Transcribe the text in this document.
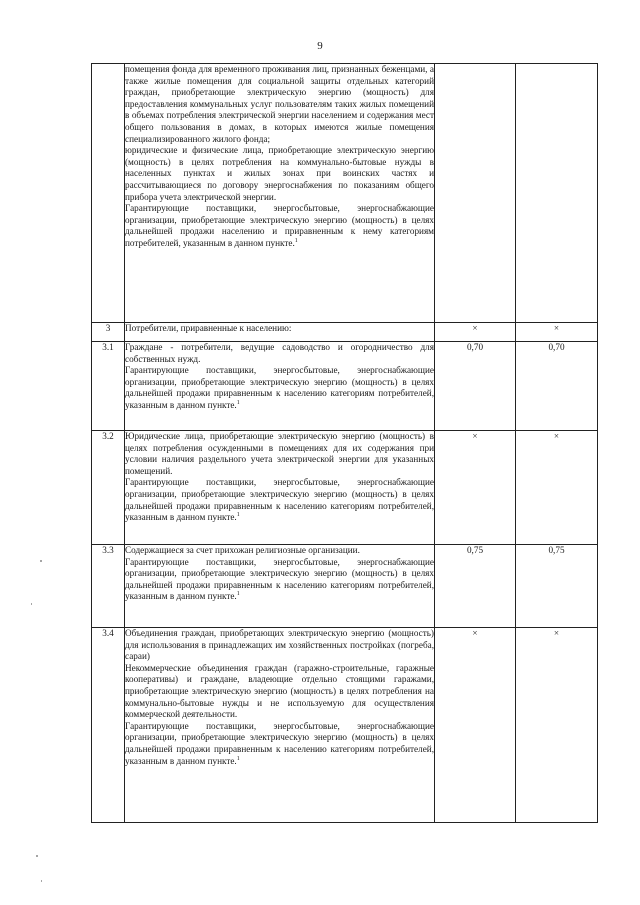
9

	помещения фонда для временного проживания лиц, признанных беженцами, а также жилые помещения для социальной защиты отдельных категорий граждан, приобретающие электрическую энергию (мощность) для предоставления коммунальных услуг пользователям таких жилых помещений в объемах потребления электрической энергии населением и содержания мест общего пользования в домах, в которых имеются жилые помещения специализированного жилого фонда;
юридические и физические лица, приобретающие электрическую энергию (мощность) в целях потребления на коммунально-бытовые нужды в населенных пунктах и жилых зонах при воинских частях и рассчитывающиеся по договору энергоснабжения по показаниям общего прибора учета электрической энергии.
Гарантирующие поставщики, энергосбытовые, энергоснабжающие организации, приобретающие электрическую энергию (мощность) в целях дальнейшей продажи населению и приравненным к нему категориям потребителей, указанным в данном пункте.$^1$

3	Потребители, приравненные к населению:	×	×
3.1	Граждане - потребители, ведущие садоводство и огородничество для собственных нужд.
Гарантирующие поставщики, энергосбытовые, энергоснабжающие организации, приобретающие электрическую энергию (мощность) в целях дальнейшей продажи приравненным к населению категориям потребителей, указанным в данном пункте.$^1$	0,70	0,70
3.2	Юридические лица, приобретающие электрическую энергию (мощность) в целях потребления осужденными в помещениях для их содержания при условии наличия раздельного учета электрической энергии для указанных помещений.
Гарантирующие поставщики, энергосбытовые, энергоснабжающие организации, приобретающие электрическую энергию (мощность) в целях дальнейшей продажи приравненным к населению категориям потребителей, указанным в данном пункте.$^1$	×	×
3.3	Содержащиеся за счет прихожан религиозные организации.
Гарантирующие поставщики, энергосбытовые, энергоснабжающие организации, приобретающие электрическую энергию (мощность) в целях дальнейшей продажи приравненным к населению категориям потребителей, указанным в данном пункте.$^1$	0,75	0,75
3.4	Объединения граждан, приобретающих электрическую энергию (мощность) для использования в принадлежащих им хозяйственных постройках (погреба, сараи)
Некоммерческие объединения граждан (гаражно-строительные, гаражные кооперативы) и граждане, владеющие отдельно стоящими гаражами, приобретающие электрическую энергию (мощность) в целях потребления на коммунально-бытовые нужды и не используемую для осуществления коммерческой деятельности.
Гарантирующие поставщики, энергосбытовые, энергоснабжающие организации, приобретающие электрическую энергию (мощность) в целях дальнейшей продажи приравненным к населению категориям потребителей, указанным в данном пункте.$^1$	×	×
